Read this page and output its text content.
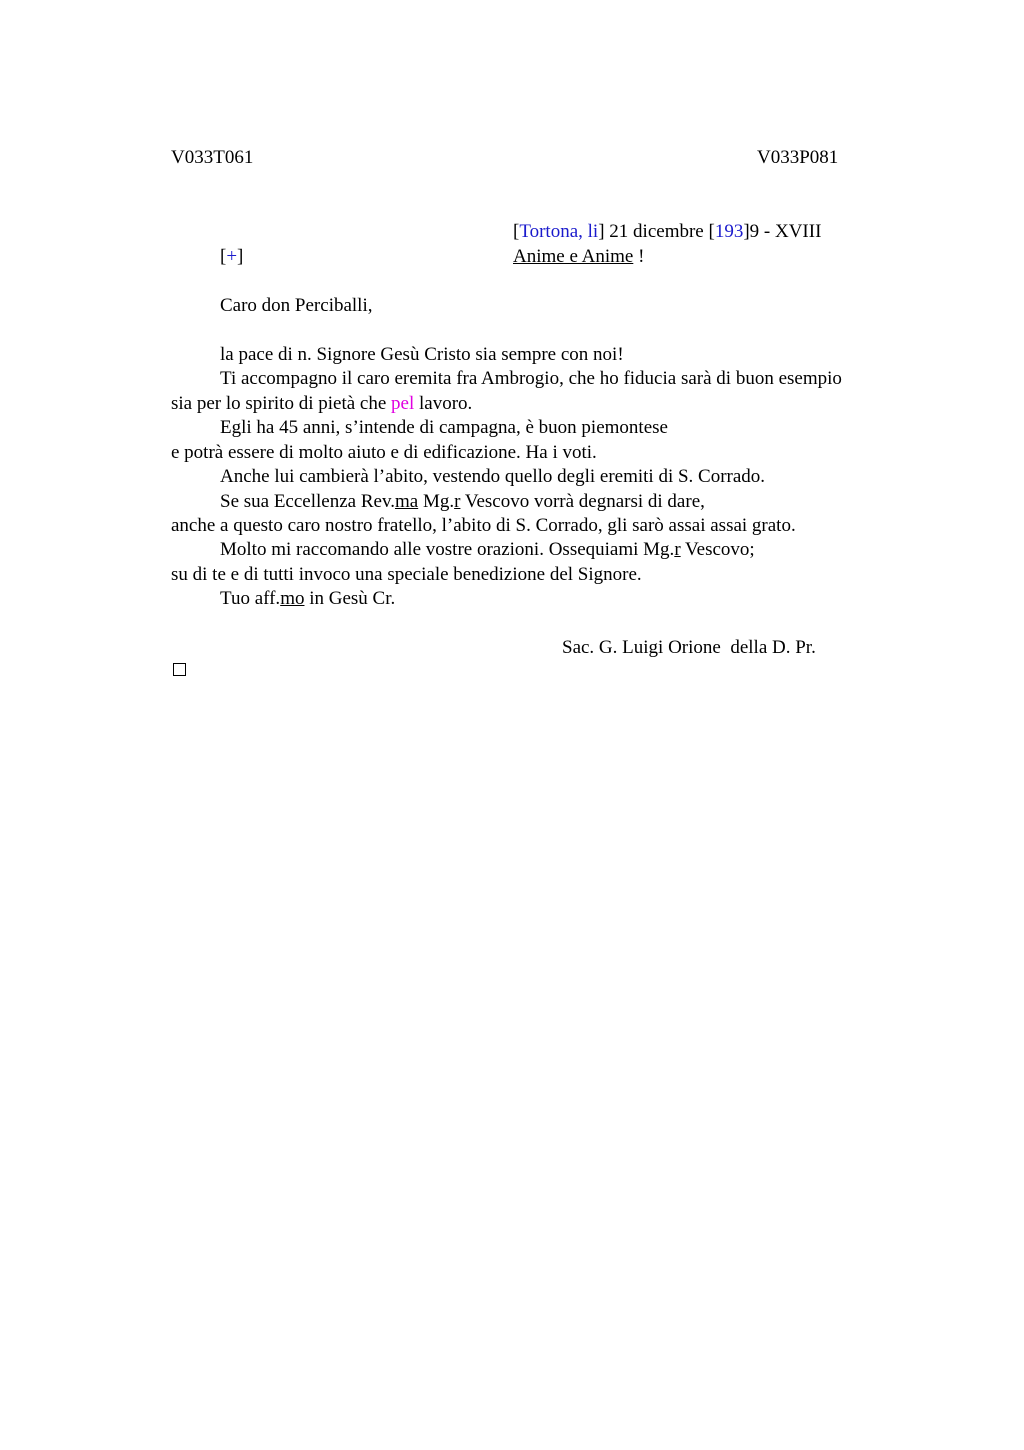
V033T061	V033P081
[Tortona, li] 21 dicembre [193]9 - XVIII
[+]	Anime e Anime !
Caro don Perciballi,
la pace di n. Signore Gesù Cristo sia sempre con noi!
Ti accompagno il caro eremita fra Ambrogio, che ho fiducia sarà di buon esempio
sia per lo spirito di pietà che pel lavoro.
Egli ha 45 anni, s’intende di campagna, è buon piemontese
e potrà essere di molto aiuto e di edificazione. Ha i voti.
Anche lui cambierà l’abito, vestendo quello degli eremiti di S. Corrado.
Se sua Eccellenza Rev.ma Mg.r Vescovo vorrà degnarsi di dare,
anche a questo caro nostro fratello, l’abito di S. Corrado, gli sarò assai assai grato.
Molto mi raccomando alle vostre orazioni. Ossequiami Mg.r Vescovo;
su di te e di tutti invoco una speciale benedizione del Signore.
Tuo aff.mo in Gesù Cr.
Sac. G. Luigi Orione  della D. Pr.
